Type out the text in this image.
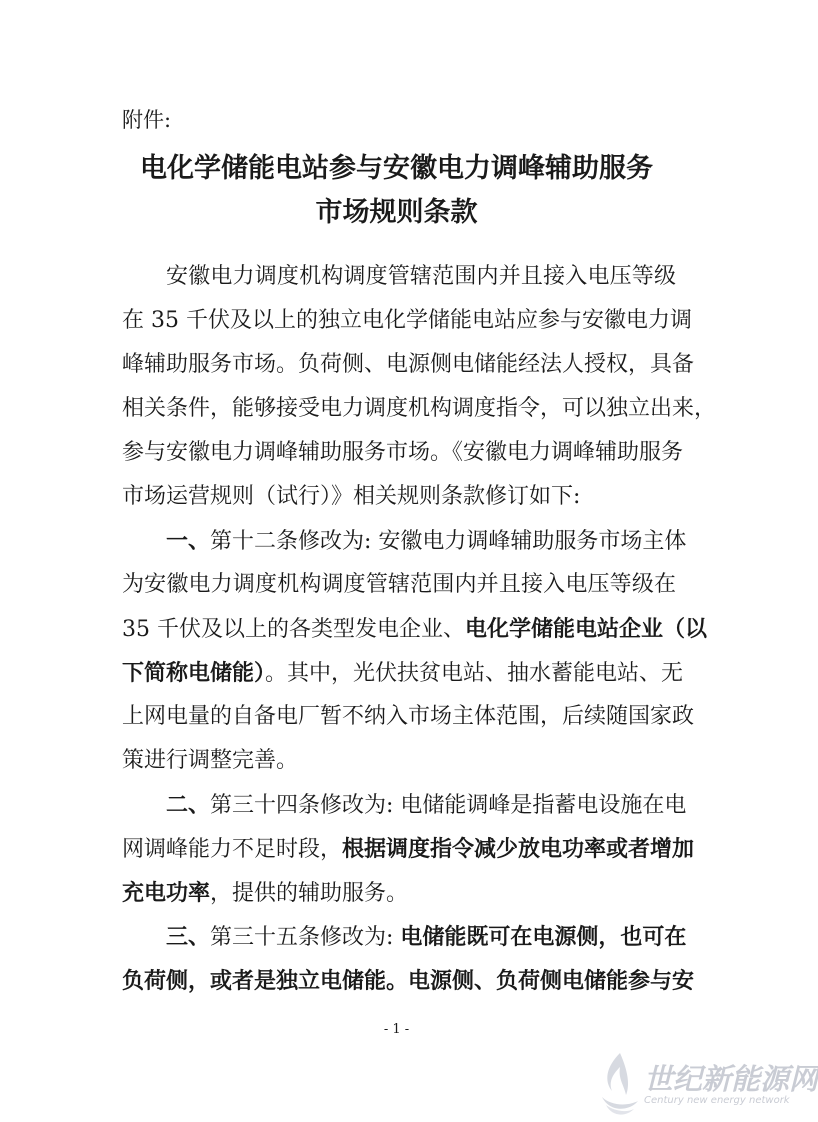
附件:
电化学储能电站参与安徽电力调峰辅助服务
市场规则条款
安徽电力调度机构调度管辖范围内并且接入电压等级
在 35 千伏及以上的独立电化学储能电站应参与安徽电力调
峰辅助服务市场。负荷侧、电源侧电储能经法人授权，具备
相关条件，能够接受电力调度机构调度指令，可以独立出来，
参与安徽电力调峰辅助服务市场。《安徽电力调峰辅助服务
市场运营规则（试行）》相关规则条款修订如下:
一、第十二条修改为: 安徽电力调峰辅助服务市场主体
为安徽电力调度机构调度管辖范围内并且接入电压等级在
35 千伏及以上的各类型发电企业、电化学储能电站企业（以
下简称电储能）。其中，光伏扶贫电站、抽水蓄能电站、无
上网电量的自备电厂暂不纳入市场主体范围，后续随国家政
策进行调整完善。
二、第三十四条修改为: 电储能调峰是指蓄电设施在电
网调峰能力不足时段，根据调度指令减少放电功率或者增加
充电功率，提供的辅助服务。
三、第三十五条修改为: 电储能既可在电源侧，也可在
负荷侧，或者是独立电储能。电源侧、负荷侧电储能参与安
- 1 -
世纪新能源网
Century new energy network
